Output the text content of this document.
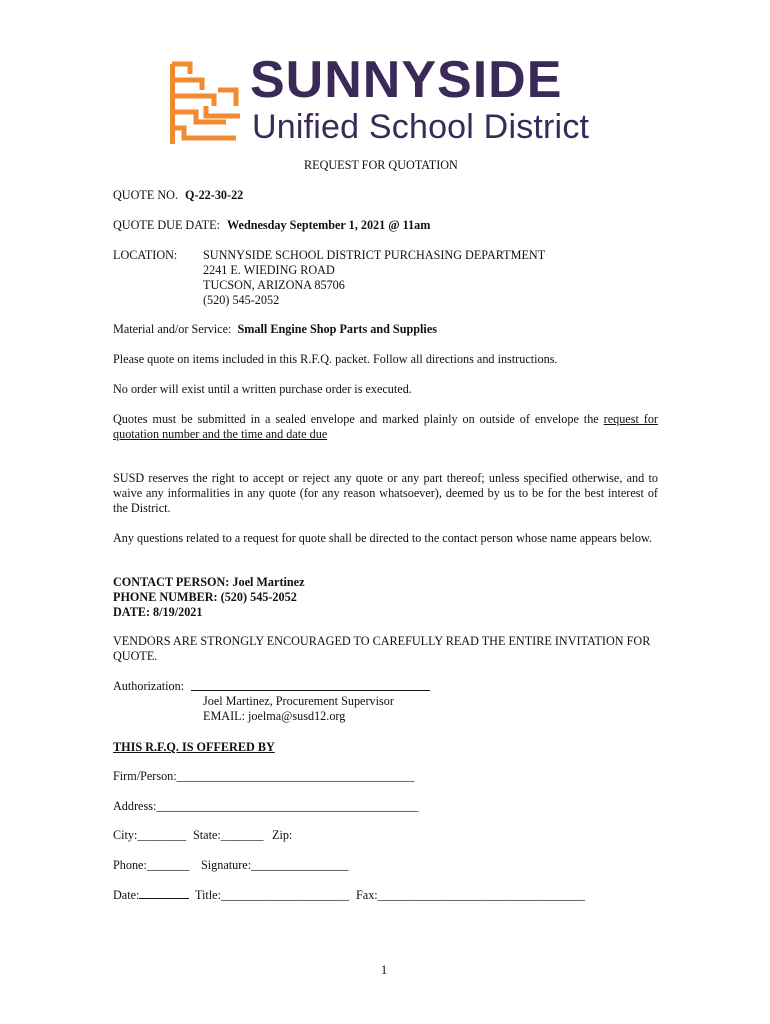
SUNNYSIDE
Unified School District
REQUEST FOR QUOTATION
QUOTE NO. Q-22-30-22
QUOTE DUE DATE: Wednesday September 1, 2021 @ 11am
LOCATION: SUNNYSIDE SCHOOL DISTRICT PURCHASING DEPARTMENT
2241 E. WIEDING ROAD
TUCSON, ARIZONA 85706
(520) 545-2052
Material and/or Service: Small Engine Shop Parts and Supplies
Please quote on items included in this R.F.Q. packet. Follow all directions and instructions.
No order will exist until a written purchase order is executed.
Quotes must be submitted in a sealed envelope and marked plainly on outside of envelope the request for quotation number and the time and date due
SUSD reserves the right to accept or reject any quote or any part thereof; unless specified otherwise, and to waive any informalities in any quote (for any reason whatsoever), deemed by us to be for the best interest of the District.
Any questions related to a request for quote shall be directed to the contact person whose name appears below.
CONTACT PERSON: Joel Martinez
PHONE NUMBER: (520) 545-2052
DATE: 8/19/2021
VENDORS ARE STRONGLY ENCOURAGED TO CAREFULLY READ THE ENTIRE INVITATION FOR QUOTE.
Authorization:
Joel Martinez, Procurement Supervisor
EMAIL: joelma@susd12.org
THIS R.F.Q. IS OFFERED BY
Firm/Person:_______________________________________
Address:___________________________________________
City:________ State:_______ Zip:
Phone:_______ Signature:________________
Date:	Title:_____________________ Fax:__________________________________
1
